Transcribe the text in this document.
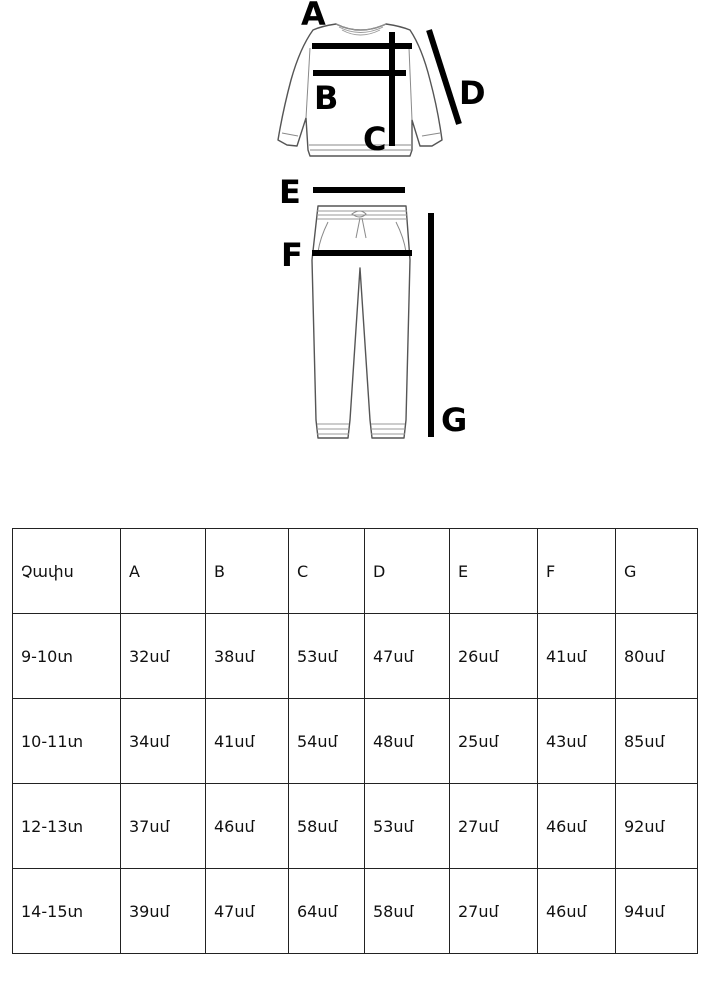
A
B
C
D
E
F
G
Չափս	A	B	C	D	E	F	G
9-10տ	32սմ	38սմ	53սմ	47սմ	26սմ	41սմ	80սմ
10-11տ	34սմ	41սմ	54սմ	48սմ	25սմ	43սմ	85սմ
12-13տ	37սմ	46սմ	58սմ	53սմ	27սմ	46սմ	92սմ
14-15տ	39սմ	47սմ	64սմ	58սմ	27սմ	46սմ	94սմ
